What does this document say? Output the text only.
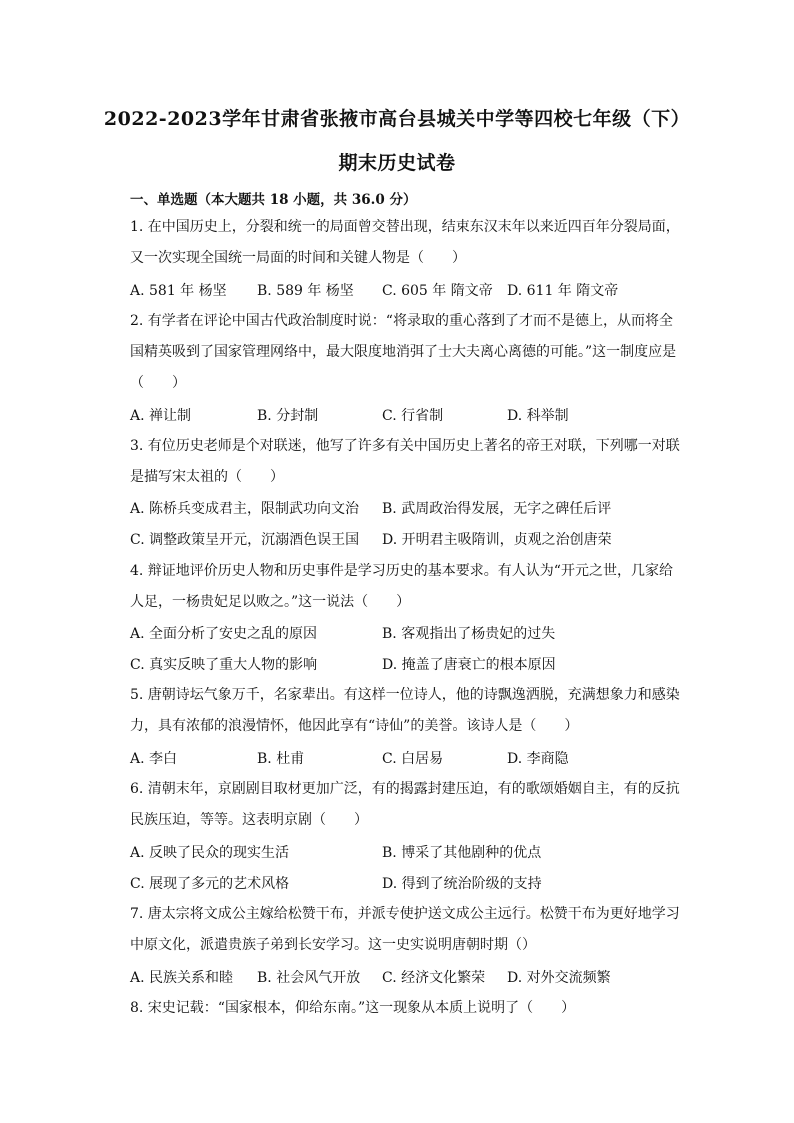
2022-2023学年甘肃省张掖市高台县城关中学等四校七年级（下）
期末历史试卷
一、单选题（本大题共 18 小题，共 36.0 分）
1. 在中国历史上，分裂和统一的局面曾交替出现，结束东汉末年以来近四百年分裂局面，
又一次实现全国统一局面的时间和关键人物是（　　）
A. 581 年 杨坚 B. 589 年 杨坚 C. 605 年 隋文帝 D. 611 年 隋文帝
2. 有学者在评论中国古代政治制度时说：“将录取的重心落到了才而不是德上，从而将全
国精英吸到了国家管理网络中，最大限度地消弭了士大夫离心离德的可能。”这一制度应是
（　　）
A. 禅让制	B. 分封制	C. 行省制	D. 科举制
3. 有位历史老师是个对联迷，他写了许多有关中国历史上著名的帝王对联，下列哪一对联
是描写宋太祖的（　　）
A. 陈桥兵变成君主，限制武功向文治 B. 武周政治得发展，无字之碑任后评
C. 调整政策呈开元，沉溺酒色误王国 D. 开明君主吸隋训，贞观之治创唐荣
4. 辩证地评价历史人物和历史事件是学习历史的基本要求。有人认为“开元之世，几家给
人足，一杨贵妃足以败之。”这一说法（　　）
A. 全面分析了安史之乱的原因	B. 客观指出了杨贵妃的过失
C. 真实反映了重大人物的影响	D. 掩盖了唐衰亡的根本原因
5. 唐朝诗坛气象万千，名家辈出。有这样一位诗人，他的诗飘逸洒脱，充满想象力和感染
力，具有浓郁的浪漫情怀，他因此享有“诗仙”的美誉。该诗人是（　　）
A. 李白	B. 杜甫	C. 白居易	D. 李商隐
6. 清朝末年，京剧剧目取材更加广泛，有的揭露封建压迫，有的歌颂婚姻自主，有的反抗
民族压迫，等等。这表明京剧（　　）
A. 反映了民众的现实生活	B. 博采了其他剧种的优点
C. 展现了多元的艺术风格	D. 得到了统治阶级的支持
7. 唐太宗将文成公主嫁给松赞干布，并派专使护送文成公主远行。松赞干布为更好地学习
中原文化，派遣贵族子弟到长安学习。这一史实说明唐朝时期（）
A. 民族关系和睦 B. 社会风气开放 C. 经济文化繁荣 D. 对外交流频繁
8. 宋史记载：“国家根本，仰给东南。”这一现象从本质上说明了（　　）
